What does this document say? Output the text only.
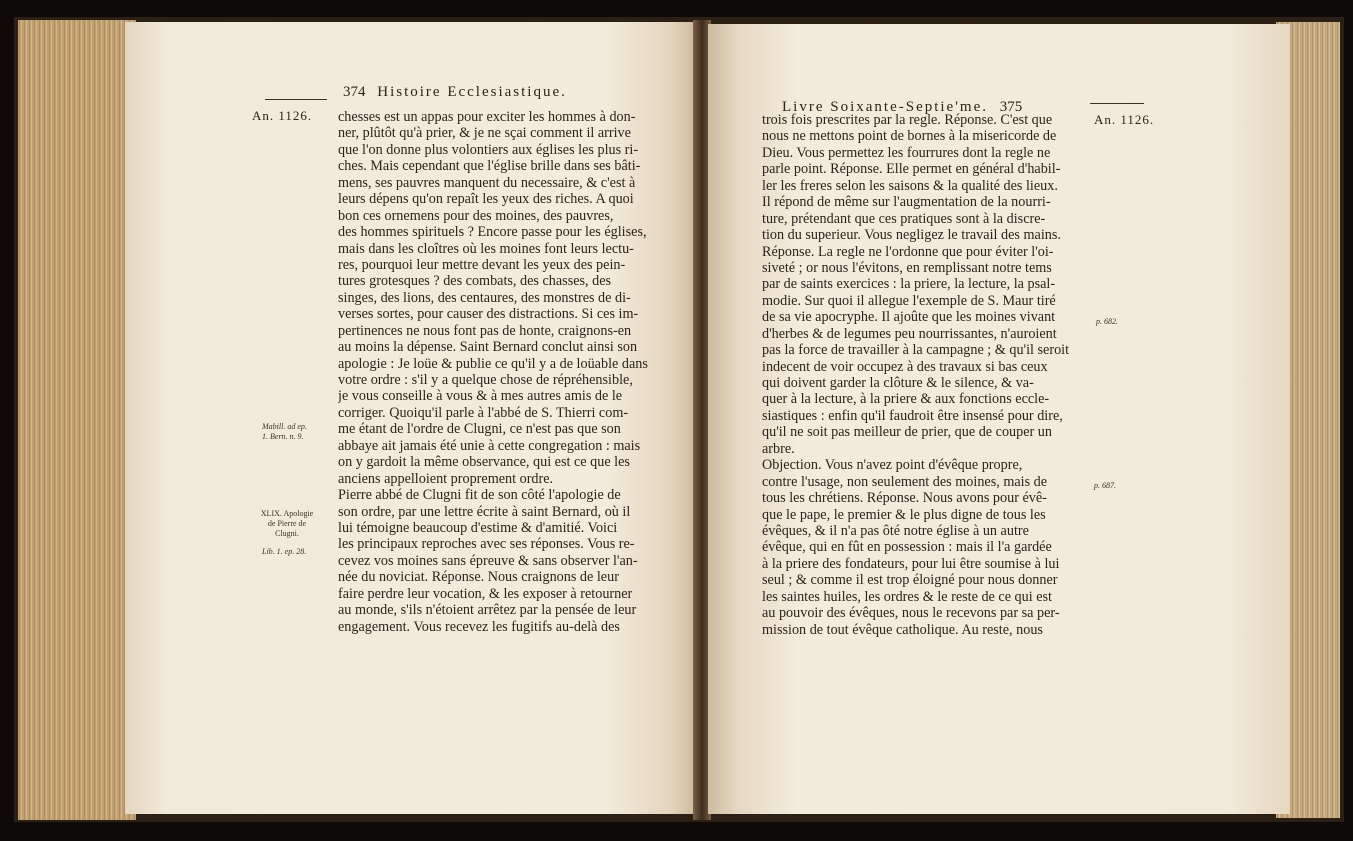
374 Histoire Ecclesiastique.
An. 1126.
Mabill. ad ep. 1. Bern. n. 9.
XLIX. Apologie de Pierre de Clugni.
Lib. 1. ep. 28.
chesses est un appas pour exciter les hommes à don-
ner, plûtôt qu'à prier, & je ne sçai comment il arrive
que l'on donne plus volontiers aux églises les plus ri-
ches. Mais cependant que l'église brille dans ses bâti-
mens, ses pauvres manquent du necessaire, & c'est à
leurs dépens qu'on repaît les yeux des riches. A quoi
bon ces ornemens pour des moines, des pauvres,
des hommes spirituels ? Encore passe pour les églises,
mais dans les cloîtres où les moines font leurs lectu-
res, pourquoi leur mettre devant les yeux des pein-
tures grotesques ? des combats, des chasses, des
singes, des lions, des centaures, des monstres de di-
verses sortes, pour causer des distractions. Si ces im-
pertinences ne nous font pas de honte, craignons-en
au moins la dépense. Saint Bernard conclut ainsi son
apologie : Je loüe & publie ce qu'il y a de loüable dans
votre ordre : s'il y a quelque chose de répréhensible,
je vous conseille à vous & à mes autres amis de le
corriger. Quoiqu'il parle à l'abbé de S. Thierri com-
me étant de l'ordre de Clugni, ce n'est pas que son
abbaye ait jamais été unie à cette congregation : mais
on y gardoit la même observance, qui est ce que les
anciens appelloient proprement ordre.
Pierre abbé de Clugni fit de son côté l'apologie de
son ordre, par une lettre écrite à saint Bernard, où il
lui témoigne beaucoup d'estime & d'amitié. Voici
les principaux reproches avec ses réponses. Vous re-
cevez vos moines sans épreuve & sans observer l'an-
née du noviciat. Réponse. Nous craignons de leur
faire perdre leur vocation, & les exposer à retourner
au monde, s'ils n'étoient arrêtez par la pensée de leur
engagement. Vous recevez les fugitifs au-delà des
Livre Soixante-Septie'me. 375
An. 1126.
p. 682.
p. 687.
trois fois prescrites par la regle. Réponse. C'est que
nous ne mettons point de bornes à la misericorde de
Dieu. Vous permettez les fourrures dont la regle ne
parle point. Réponse. Elle permet en général d'habil-
ler les freres selon les saisons & la qualité des lieux.
Il répond de même sur l'augmentation de la nourri-
ture, prétendant que ces pratiques sont à la discre-
tion du superieur. Vous negligez le travail des mains.
Réponse. La regle ne l'ordonne que pour éviter l'oi-
siveté ; or nous l'évitons, en remplissant notre tems
par de saints exercices : la priere, la lecture, la psal-
modie. Sur quoi il allegue l'exemple de S. Maur tiré
de sa vie apocryphe. Il ajoûte que les moines vivant
d'herbes & de legumes peu nourrissantes, n'auroient
pas la force de travailler à la campagne ; & qu'il seroit
indecent de voir occupez à des travaux si bas ceux
qui doivent garder la clôture & le silence, & va-
quer à la lecture, à la priere & aux fonctions eccle-
siastiques : enfin qu'il faudroit être insensé pour dire,
qu'il ne soit pas meilleur de prier, que de couper un
arbre.
Objection. Vous n'avez point d'évêque propre,
contre l'usage, non seulement des moines, mais de
tous les chrétiens. Réponse. Nous avons pour évê-
que le pape, le premier & le plus digne de tous les
évêques, & il n'a pas ôté notre église à un autre
évêque, qui en fût en possession : mais il l'a gardée
à la priere des fondateurs, pour lui être soumise à lui
seul ; & comme il est trop éloigné pour nous donner
les saintes huiles, les ordres & le reste de ce qui est
au pouvoir des évêques, nous le recevons par sa per-
mission de tout évêque catholique. Au reste, nous
